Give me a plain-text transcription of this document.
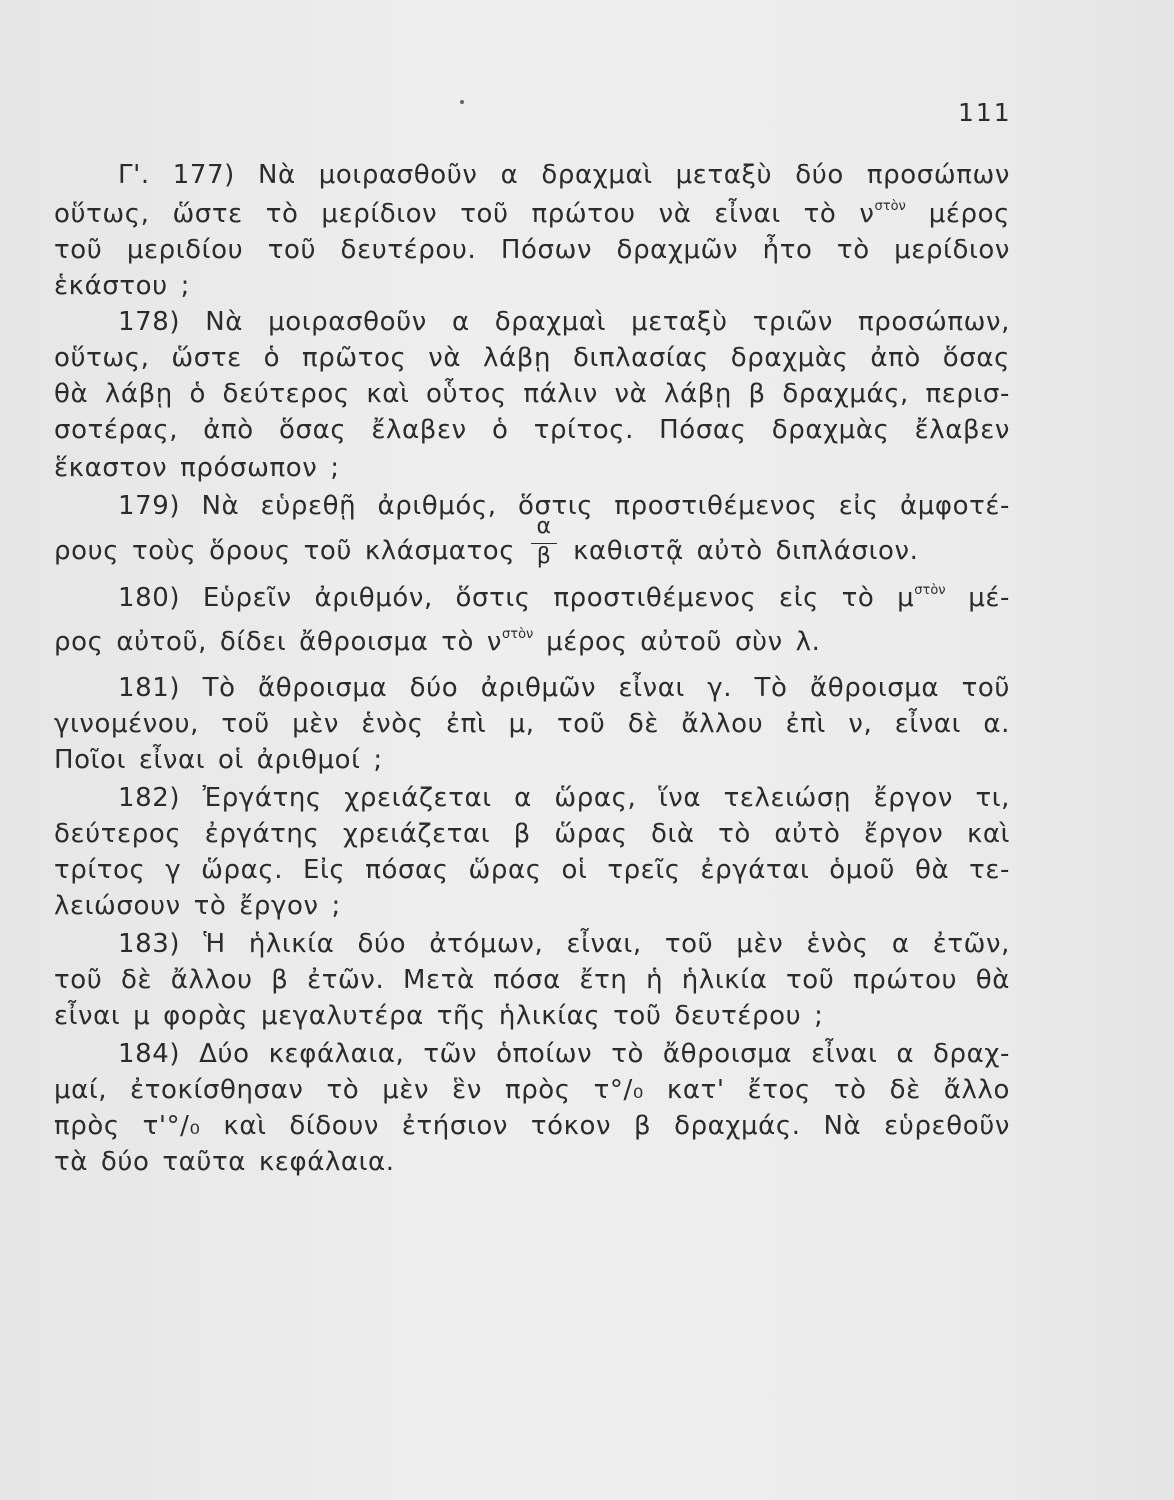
111
Γ'. 177) Νὰ μοιρασθοῦν α δραχμαὶ μεταξὺ δύο προσώπων
οὕτως, ὥστε τὸ μερίδιον τοῦ πρώτου νὰ εἶναι τὸ $\nu^{\sigma\tau ὸ\nu}$ μέρος
τοῦ μεριδίου τοῦ δευτέρου. Πόσων δραχμῶν ἦτο τὸ μερίδιον
ἑκάστου ;
178) Νὰ μοιρασθοῦν α δραχμαὶ μεταξὺ τριῶν προσώπων,
οὕτως, ὥστε ὁ πρῶτος νὰ λάβῃ διπλασίας δραχμὰς ἀπὸ ὅσας
θὰ λάβῃ ὁ δεύτερος καὶ οὗτος πάλιν νὰ λάβῃ β δραχμάς, περισ-
σοτέρας, ἀπὸ ὅσας ἔλαβεν ὁ τρίτος. Πόσας δραχμὰς ἔλαβεν
ἕκαστον πρόσωπον ;
179) Νὰ εὑρεθῇ ἀριθμός, ὅστις προστιθέμενος εἰς ἀμφοτέ-
ρους τοὺς ὅρους τοῦ κλάσματος $\frac{\alpha}{\beta}$ καθιστᾷ αὐτὸ διπλάσιον.
180) Εὑρεῖν ἀριθμόν, ὅστις προστιθέμενος εἰς τὸ $\mu^{\sigma\tau ὸ\nu}$ μέ-
ρος αὐτοῦ, δίδει ἄθροισμα τὸ $\nu^{\sigma\tau ὸ\nu}$ μέρος αὐτοῦ σὺν λ.
181) Τὸ ἄθροισμα δύο ἀριθμῶν εἶναι γ. Τὸ ἄθροισμα τοῦ
γινομένου, τοῦ μὲν ἑνὸς ἐπὶ μ, τοῦ δὲ ἄλλου ἐπὶ ν, εἶναι α.
Ποῖοι εἶναι οἱ ἀριθμοί ;
182) Ἐργάτης χρειάζεται α ὥρας, ἵνα τελειώσῃ ἔργον τι,
δεύτερος ἐργάτης χρειάζεται β ὥρας διὰ τὸ αὐτὸ ἔργον καὶ
τρίτος γ ὥρας. Εἰς πόσας ὥρας οἱ τρεῖς ἐργάται ὁμοῦ θὰ τε-
λειώσουν τὸ ἔργον ;
183) Ἡ ἡλικία δύο ἀτόμων, εἶναι, τοῦ μὲν ἑνὸς α ἐτῶν,
τοῦ δὲ ἄλλου β ἐτῶν. Μετὰ πόσα ἔτη ἡ ἡλικία τοῦ πρώτου θὰ
εἶναι μ φορὰς μεγαλυτέρα τῆς ἡλικίας τοῦ δευτέρου ;
184) Δύο κεφάλαια, τῶν ὁποίων τὸ ἄθροισμα εἶναι α δραχ-
μαί, ἐτοκίσθησαν τὸ μὲν ἓν πρὸς τ°/₀ κατ' ἔτος τὸ δὲ ἄλλο
πρὸς τ'°/₀ καὶ δίδουν ἐτήσιον τόκον β δραχμάς. Νὰ εὑρεθοῦν
τὰ δύο ταῦτα κεφάλαια.
